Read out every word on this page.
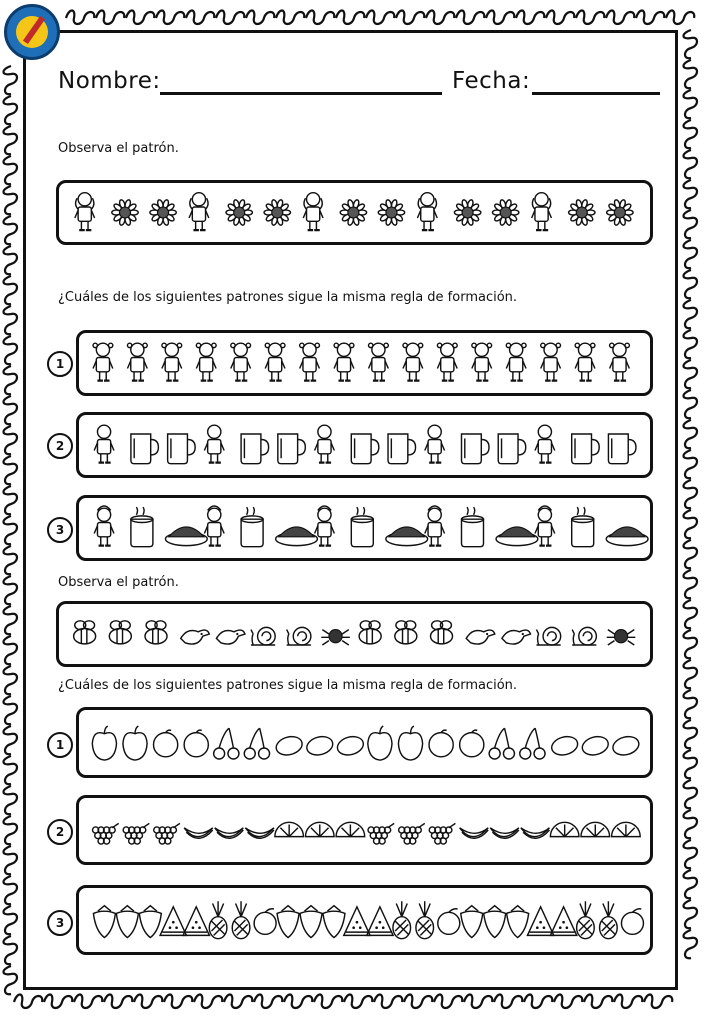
Nombre:	Fecha:
Observa el patrón.
¿Cuáles de los siguientes patrones sigue la misma regla de formación.
1
2
3
Observa el patrón.
¿Cuáles de los siguientes patrones sigue la misma regla de formación.
1
2
3
